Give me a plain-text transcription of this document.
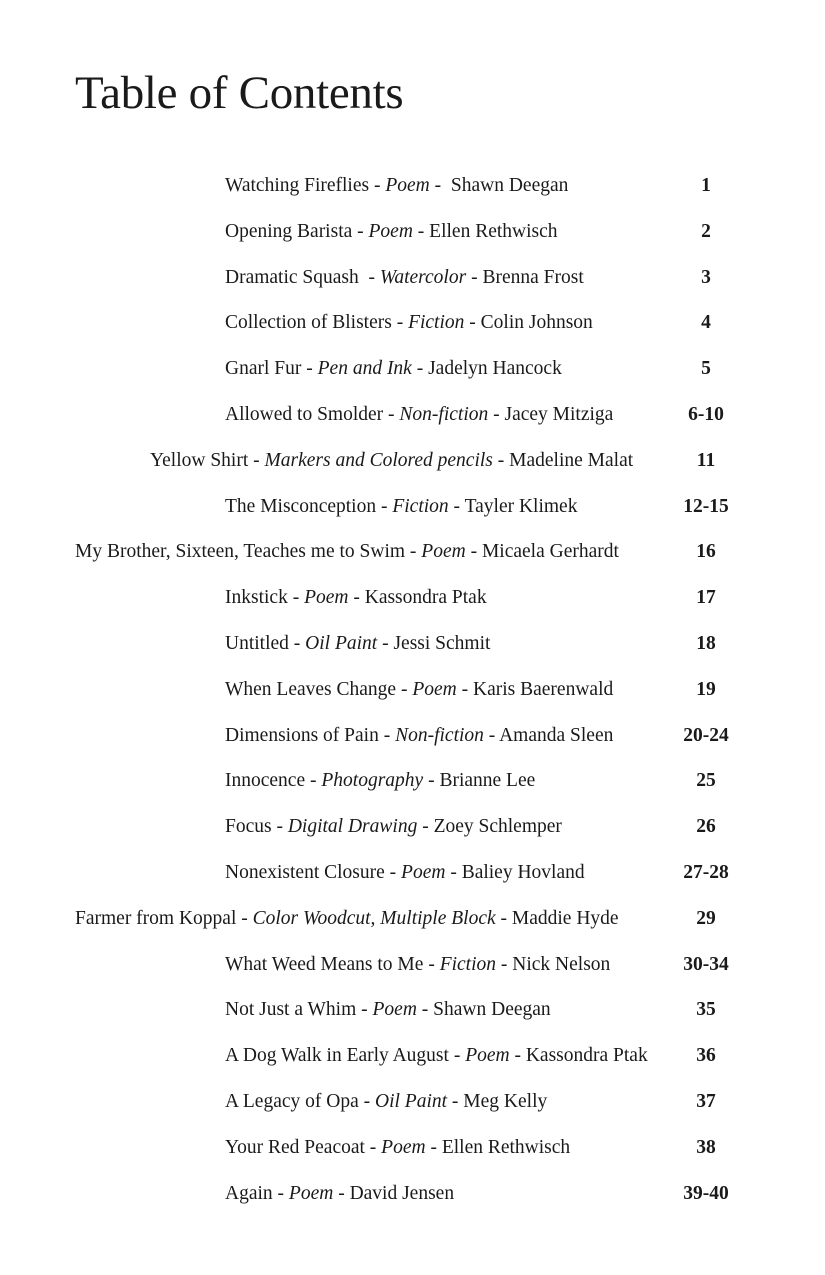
Table of Contents
Watching Fireflies - Poem -  Shawn Deegan	1
Opening Barista - Poem - Ellen Rethwisch	2
Dramatic Squash  - Watercolor - Brenna Frost	3
Collection of Blisters - Fiction - Colin Johnson	4
Gnarl Fur - Pen and Ink - Jadelyn Hancock	5
Allowed to Smolder - Non-fiction - Jacey Mitziga	6-10
Yellow Shirt - Markers and Colored pencils - Madeline Malat	11
The Misconception - Fiction - Tayler Klimek	12-15
My Brother, Sixteen, Teaches me to Swim - Poem - Micaela Gerhardt	16
Inkstick - Poem - Kassondra Ptak	17
Untitled - Oil Paint - Jessi Schmit	18
When Leaves Change - Poem - Karis Baerenwald	19
Dimensions of Pain - Non-fiction - Amanda Sleen	20-24
Innocence - Photography - Brianne Lee	25
Focus - Digital Drawing - Zoey Schlemper	26
Nonexistent Closure - Poem - Baliey Hovland	27-28
Farmer from Koppal - Color Woodcut, Multiple Block - Maddie Hyde	29
What Weed Means to Me - Fiction - Nick Nelson	30-34
Not Just a Whim - Poem - Shawn Deegan	35
A Dog Walk in Early August - Poem - Kassondra Ptak	36
A Legacy of Opa - Oil Paint - Meg Kelly	37
Your Red Peacoat - Poem - Ellen Rethwisch	38
Again - Poem - David Jensen	39-40
